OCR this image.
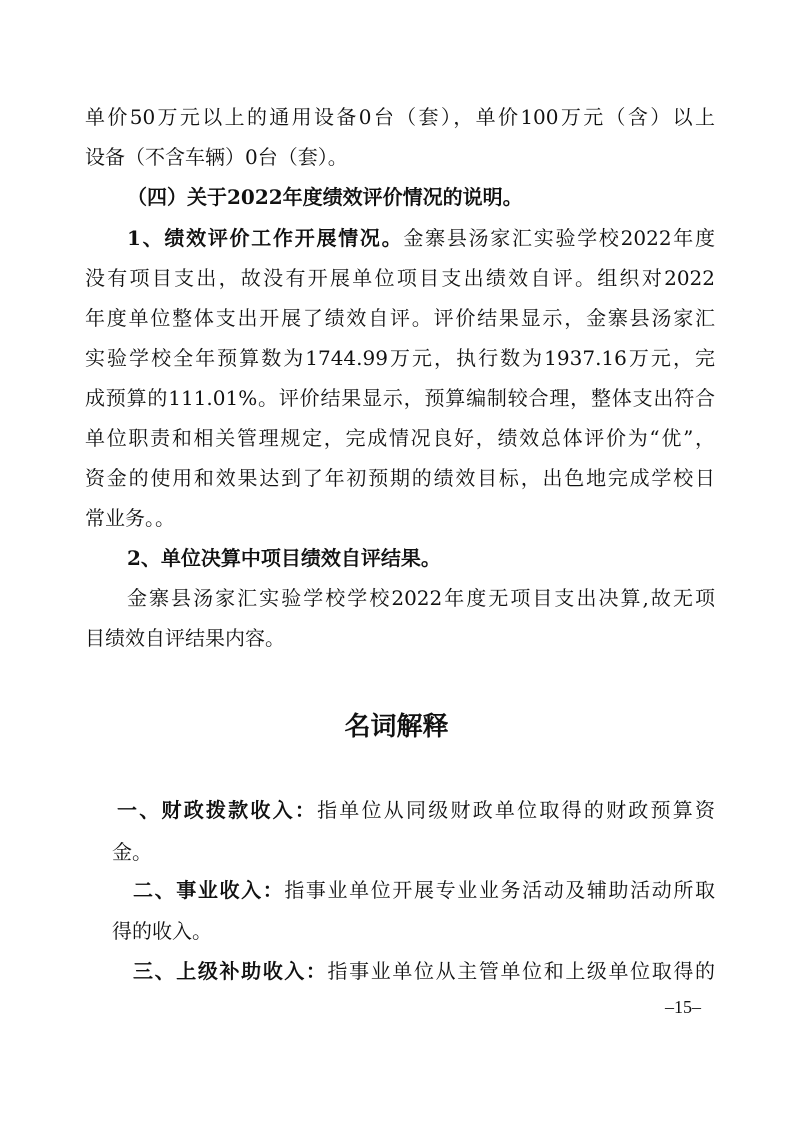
单价50万元以上的通用设备0台（套），单价100万元（含）以上
设备（不含车辆）0台（套）。
（四）关于2022年度绩效评价情况的说明。
1、绩效评价工作开展情况。金寨县汤家汇实验学校2022年度
没有项目支出，故没有开展单位项目支出绩效自评。组织对2022
年度单位整体支出开展了绩效自评。评价结果显示，金寨县汤家汇
实验学校全年预算数为1744.99万元，执行数为1937.16万元，完
成预算的111.01%。评价结果显示，预算编制较合理，整体支出符合
单位职责和相关管理规定，完成情况良好，绩效总体评价为“优”，
资金的使用和效果达到了年初预期的绩效目标，出色地完成学校日
常业务。。
2、单位决算中项目绩效自评结果。
金寨县汤家汇实验学校学校2022年度无项目支出决算,故无项
目绩效自评结果内容。
名词解释
一、财政拨款收入：指单位从同级财政单位取得的财政预算资
金。
二、事业收入：指事业单位开展专业业务活动及辅助活动所取
得的收入。
三、上级补助收入：指事业单位从主管单位和上级单位取得的
–15–
